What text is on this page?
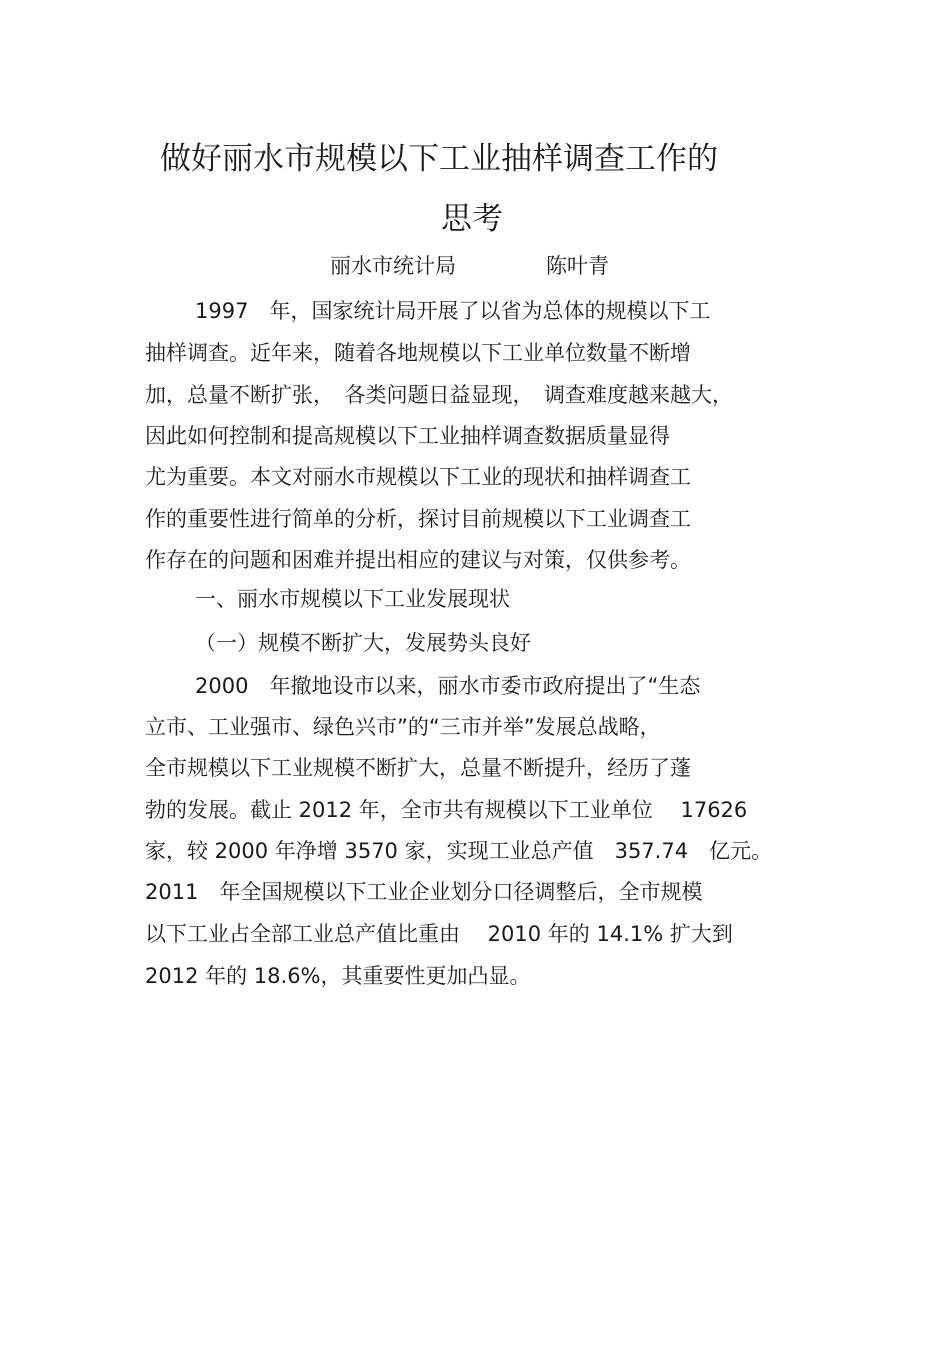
做好丽水市规模以下工业抽样调查工作的
思考
丽水市统计局	陈叶青
1997　年，国家统计局开展了以省为总体的规模以下工
抽样调查。近年来，随着各地规模以下工业单位数量不断增
加，总量不断扩张，　各类问题日益显现，　调查难度越来越大，
因此如何控制和提高规模以下工业抽样调查数据质量显得
尤为重要。本文对丽水市规模以下工业的现状和抽样调查工
作的重要性进行简单的分析，探讨目前规模以下工业调查工
作存在的问题和困难并提出相应的建议与对策，仅供参考。
一、丽水市规模以下工业发展现状
（一）规模不断扩大，发展势头良好
2000　年撤地设市以来，丽水市委市政府提出了“生态
立市、工业强市、绿色兴市”的“三市并举”发展总战略，
全市规模以下工业规模不断扩大，总量不断提升，经历了蓬
勃的发展。截止 2012 年，全市共有规模以下工业单位　 17626
家，较 2000 年净增 3570 家，实现工业总产值　357.74　亿元。
2011　年全国规模以下工业企业划分口径调整后，全市规模
以下工业占全部工业总产值比重由　 2010 年的 14.1% 扩大到
2012 年的 18.6%，其重要性更加凸显。
